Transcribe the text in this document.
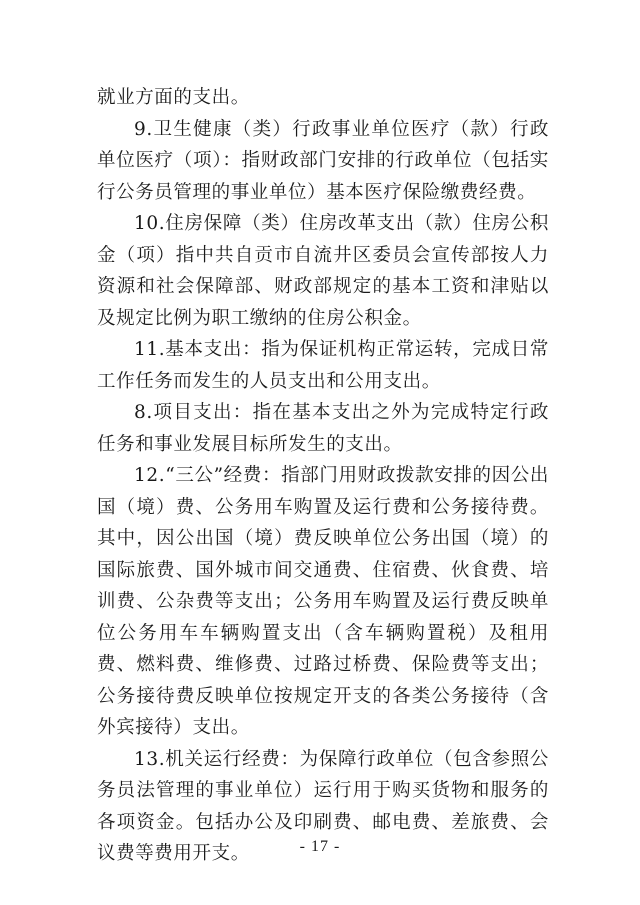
就业方面的支出。

9.卫生健康（类）行政事业单位医疗（款）行政单位医疗（项）：指财政部门安排的行政单位（包括实行公务员管理的事业单位）基本医疗保险缴费经费。

10.住房保障（类）住房改革支出（款）住房公积金（项）指中共自贡市自流井区委员会宣传部按人力资源和社会保障部、财政部规定的基本工资和津贴以及规定比例为职工缴纳的住房公积金。

11.基本支出：指为保证机构正常运转，完成日常工作任务而发生的人员支出和公用支出。

8.项目支出：指在基本支出之外为完成特定行政任务和事业发展目标所发生的支出。

12.“三公”经费：指部门用财政拨款安排的因公出国（境）费、公务用车购置及运行费和公务接待费。其中，因公出国（境）费反映单位公务出国（境）的国际旅费、国外城市间交通费、住宿费、伙食费、培训费、公杂费等支出；公务用车购置及运行费反映单位公务用车车辆购置支出（含车辆购置税）及租用费、燃料费、维修费、过路过桥费、保险费等支出；公务接待费反映单位按规定开支的各类公务接待（含外宾接待）支出。

13.机关运行经费：为保障行政单位（包含参照公务员法管理的事业单位）运行用于购买货物和服务的各项资金。包括办公及印刷费、邮电费、差旅费、会议费等费用开支。	- 17 -
